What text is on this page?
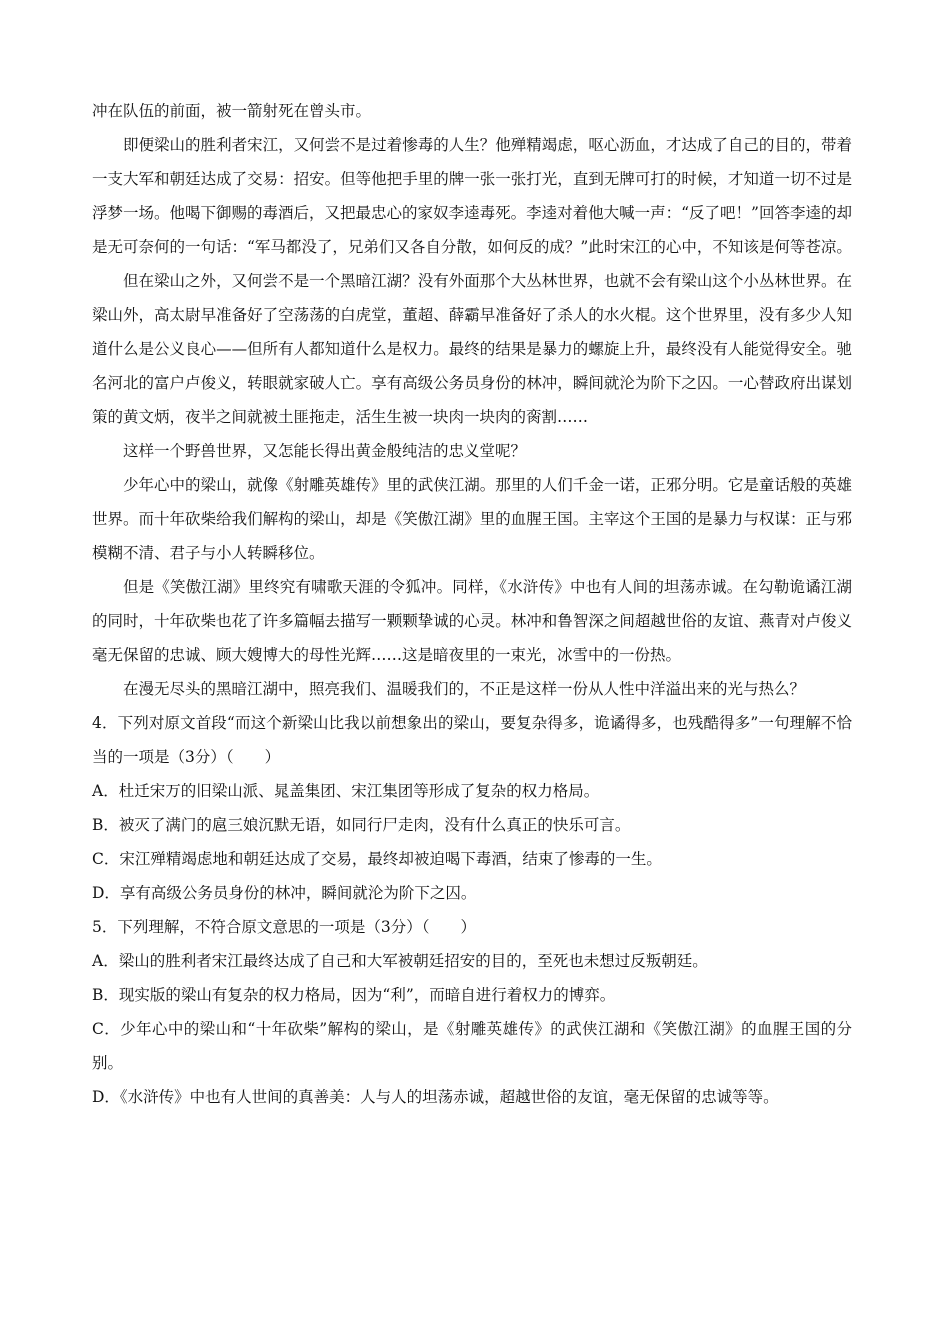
冲在队伍的前面，被一箭射死在曾头市。

即便梁山的胜利者宋江，又何尝不是过着惨毒的人生？他殚精竭虑，呕心沥血，才达成了自己的目的，带着一支大军和朝廷达成了交易：招安。但等他把手里的牌一张一张打光，直到无牌可打的时候，才知道一切不过是浮梦一场。他喝下御赐的毒酒后，又把最忠心的家奴李逵毒死。李逵对着他大喊一声：“反了吧！”回答李逵的却是无可奈何的一句话：“军马都没了，兄弟们又各自分散，如何反的成？”此时宋江的心中，不知该是何等苍凉。

但在梁山之外，又何尝不是一个黑暗江湖？没有外面那个大丛林世界，也就不会有梁山这个小丛林世界。在梁山外，高太尉早准备好了空荡荡的白虎堂，董超、薛霸早准备好了杀人的水火棍。这个世界里，没有多少人知道什么是公义良心——但所有人都知道什么是权力。最终的结果是暴力的螺旋上升，最终没有人能觉得安全。驰名河北的富户卢俊义，转眼就家破人亡。享有高级公务员身份的林冲，瞬间就沦为阶下之囚。一心替政府出谋划策的黄文炳，夜半之间就被土匪拖走，活生生被一块肉一块肉的脔割……

这样一个野兽世界，又怎能长得出黄金般纯洁的忠义堂呢？

少年心中的梁山，就像《射雕英雄传》里的武侠江湖。那里的人们千金一诺，正邪分明。它是童话般的英雄世界。而十年砍柴给我们解构的梁山，却是《笑傲江湖》里的血腥王国。主宰这个王国的是暴力与权谋：正与邪模糊不清、君子与小人转瞬移位。

但是《笑傲江湖》里终究有啸歌天涯的令狐冲。同样，《水浒传》中也有人间的坦荡赤诚。在勾勒诡谲江湖的同时，十年砍柴也花了许多篇幅去描写一颗颗挚诚的心灵。林冲和鲁智深之间超越世俗的友谊、燕青对卢俊义毫无保留的忠诚、顾大嫂博大的母性光辉……这是暗夜里的一束光，冰雪中的一份热。

在漫无尽头的黑暗江湖中，照亮我们、温暖我们的，不正是这样一份从人性中洋溢出来的光与热么？

4．下列对原文首段“而这个新梁山比我以前想象出的梁山，要复杂得多，诡谲得多，也残酷得多”一句理解不恰当的一项是（3分）（　　）

A．杜迁宋万的旧梁山派、晁盖集团、宋江集团等形成了复杂的权力格局。

B．被灭了满门的扈三娘沉默无语，如同行尸走肉，没有什么真正的快乐可言。

C．宋江殚精竭虑地和朝廷达成了交易，最终却被迫喝下毒酒，结束了惨毒的一生。

D．享有高级公务员身份的林冲，瞬间就沦为阶下之囚。

5．下列理解，不符合原文意思的一项是（3分）（　　）

A．梁山的胜利者宋江最终达成了自己和大军被朝廷招安的目的，至死也未想过反叛朝廷。

B．现实版的梁山有复杂的权力格局，因为“利”，而暗自进行着权力的博弈。

C．少年心中的梁山和“十年砍柴”解构的梁山，是《射雕英雄传》的武侠江湖和《笑傲江湖》的血腥王国的分别。

D．《水浒传》中也有人世间的真善美：人与人的坦荡赤诚，超越世俗的友谊，毫无保留的忠诚等等。
